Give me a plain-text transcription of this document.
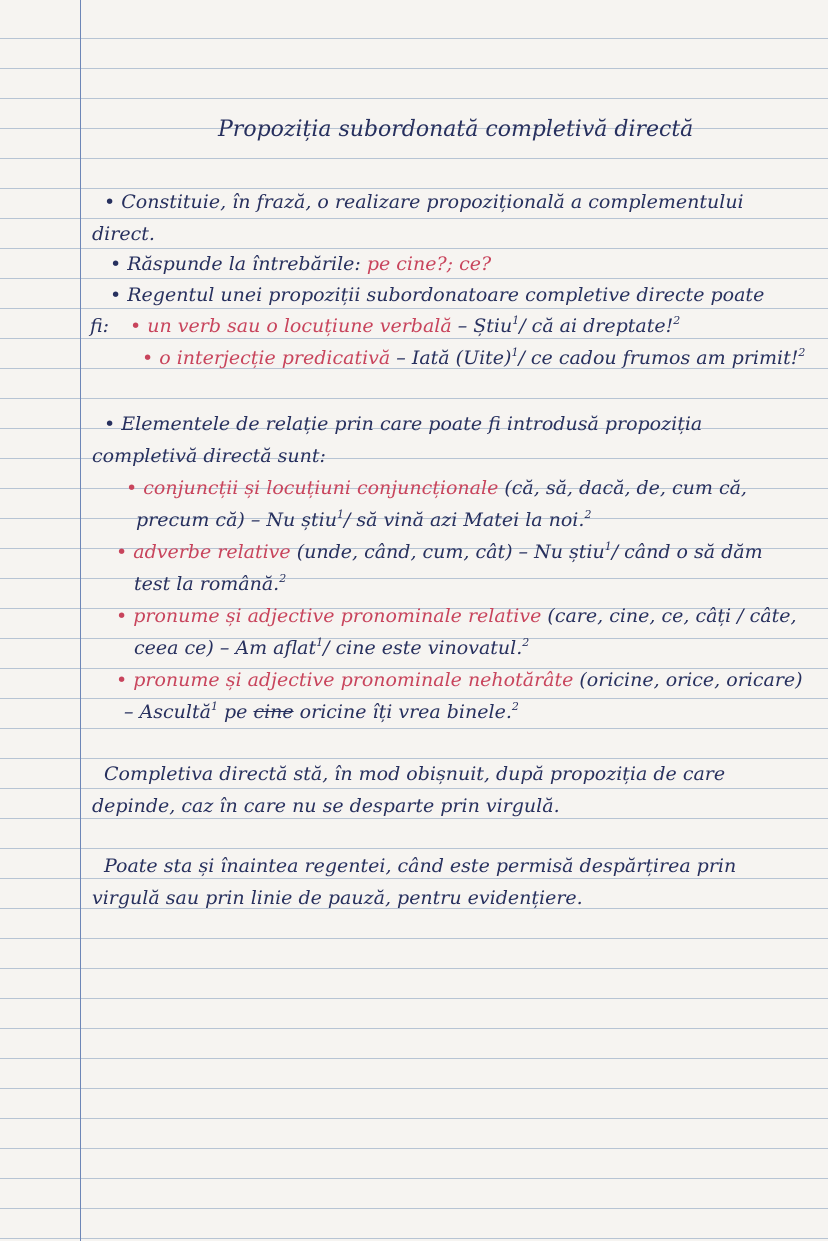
Propoziția subordonată completivă directă
• Constituie, în frază, o realizare propozițională a complementului
direct.
• Răspunde la întrebările: pe cine?; ce?
• Regentul unei propoziții subordonatoare completive directe poate
fi: • un verb sau o locuțiune verbală – Știu$^1$/ că ai dreptate!$^2$
• o interjecție predicativă – Iată (Uite)$^1$/ ce cadou frumos am primit!$^2$
• Elementele de relație prin care poate fi introdusă propoziția
completivă directă sunt:
• conjuncții și locuțiuni conjuncționale (că, să, dacă, de, cum că,
precum că) – Nu știu$^1$/ să vină azi Matei la noi.$^2$
• adverbe relative (unde, când, cum, cât) – Nu știu$^1$/ când o să dăm
test la română.$^2$
• pronume și adjective pronominale relative (care, cine, ce, câți / câte,
ceea ce) – Am aflat$^1$/ cine este vinovatul.$^2$
• pronume și adjective pronominale nehotărâte (oricine, orice, oricare)
– Ascultă$^1$ pe cine oricine îți vrea binele.$^2$
Completiva directă stă, în mod obișnuit, după propoziția de care
depinde, caz în care nu se desparte prin virgulă.
Poate sta și înaintea regentei, când este permisă despărțirea prin
virgulă sau prin linie de pauză, pentru evidențiere.
